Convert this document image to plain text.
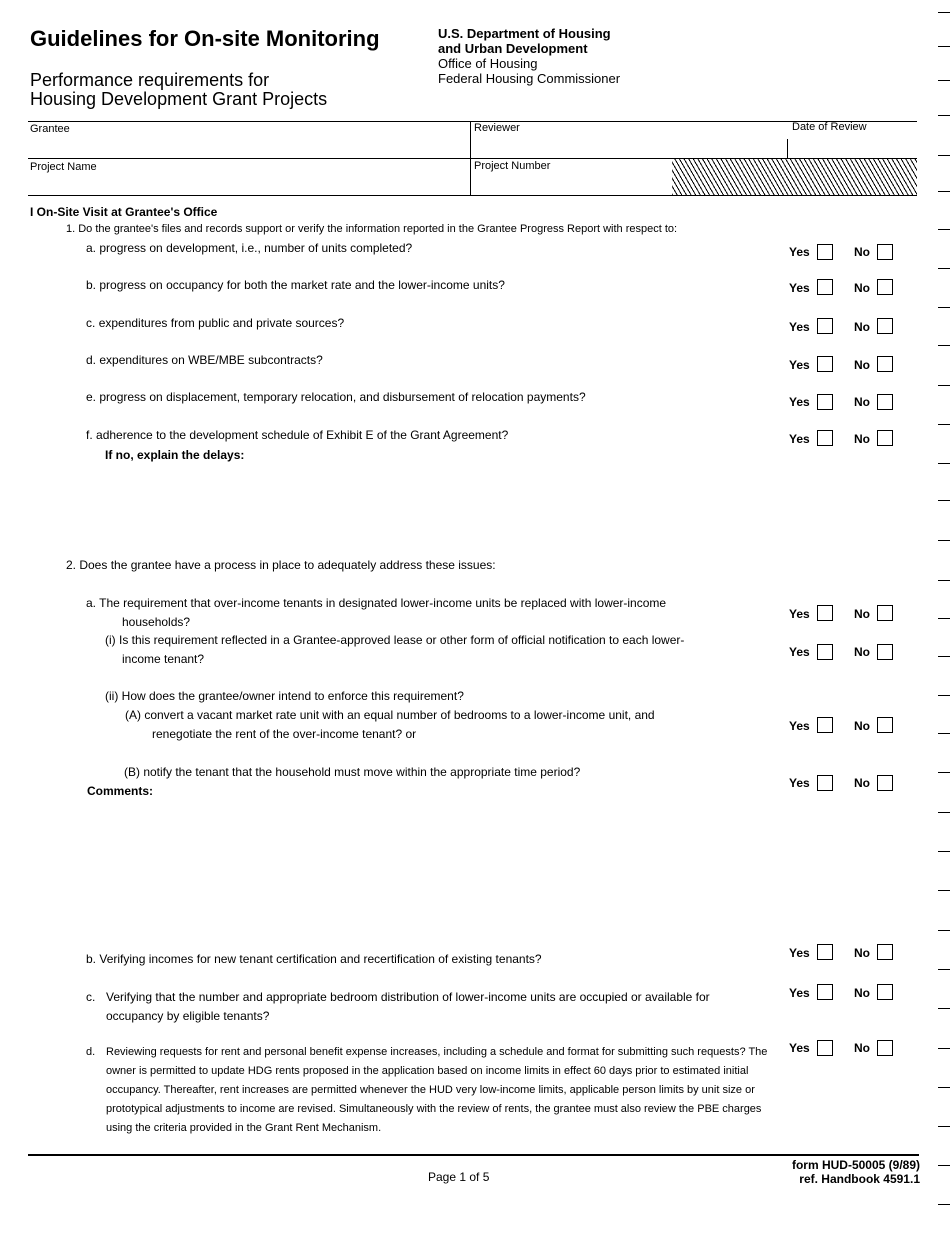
Guidelines for On-site Monitoring
Performance requirements for
Housing Development Grant Projects
U.S. Department of Housing
and Urban Development
Office of Housing
Federal Housing Commissioner
Grantee	Reviewer	Date of Review
Project Name	Project Number
I On-Site Visit at Grantee's Office
1. Do the grantee's files and records support or verify the information reported in the Grantee Progress Report with respect to:
a. progress on development, i.e., number of units completed?	Yes	No
b. progress on occupancy for both the market rate and the lower-income units?	Yes	No
c. expenditures from public and private sources?	Yes	No
d. expenditures on WBE/MBE subcontracts?	Yes	No
e. progress on displacement, temporary relocation, and disbursement of relocation payments?	Yes	No
f. adherence to the development schedule of Exhibit E of the Grant Agreement?	Yes	No
If no, explain the delays:
2. Does the grantee have a process in place to adequately address these issues:
a. The requirement that over-income tenants in designated lower-income units be replaced with lower-income
households?
Yes	No
(i) Is this requirement reflected in a Grantee-approved lease or other form of official notification to each lower-
income tenant?	Yes	No
(ii) How does the grantee/owner intend to enforce this requirement?
(A) convert a vacant market rate unit with an equal number of bedrooms to a lower-income unit, and
renegotiate the rent of the over-income tenant? or
Yes	No
(B) notify the tenant that the household must move within the appropriate time period?
Yes	No
Comments:
b. Verifying incomes for new tenant certification and recertification of existing tenants?	Yes	No
c. Verifying that the number and appropriate bedroom distribution of lower-income units are occupied or available for occupancy by eligible tenants?
Yes	No
d. Reviewing requests for rent and personal benefit expense increases, including a schedule and format for submitting such requests? The owner is permitted to update HDG rents proposed in the application based on income limits in effect 60 days prior to estimated initial occupancy. Thereafter, rent increases are permitted whenever the HUD very low-income limits, applicable person limits by unit size or prototypical adjustments to income are revised. Simultaneously with the review of rents, the grantee must also review the PBE charges using the criteria provided in the Grant Rent Mechanism.
Yes	No
Page 1 of 5
form HUD-50005 (9/89)
ref. Handbook 4591.1
